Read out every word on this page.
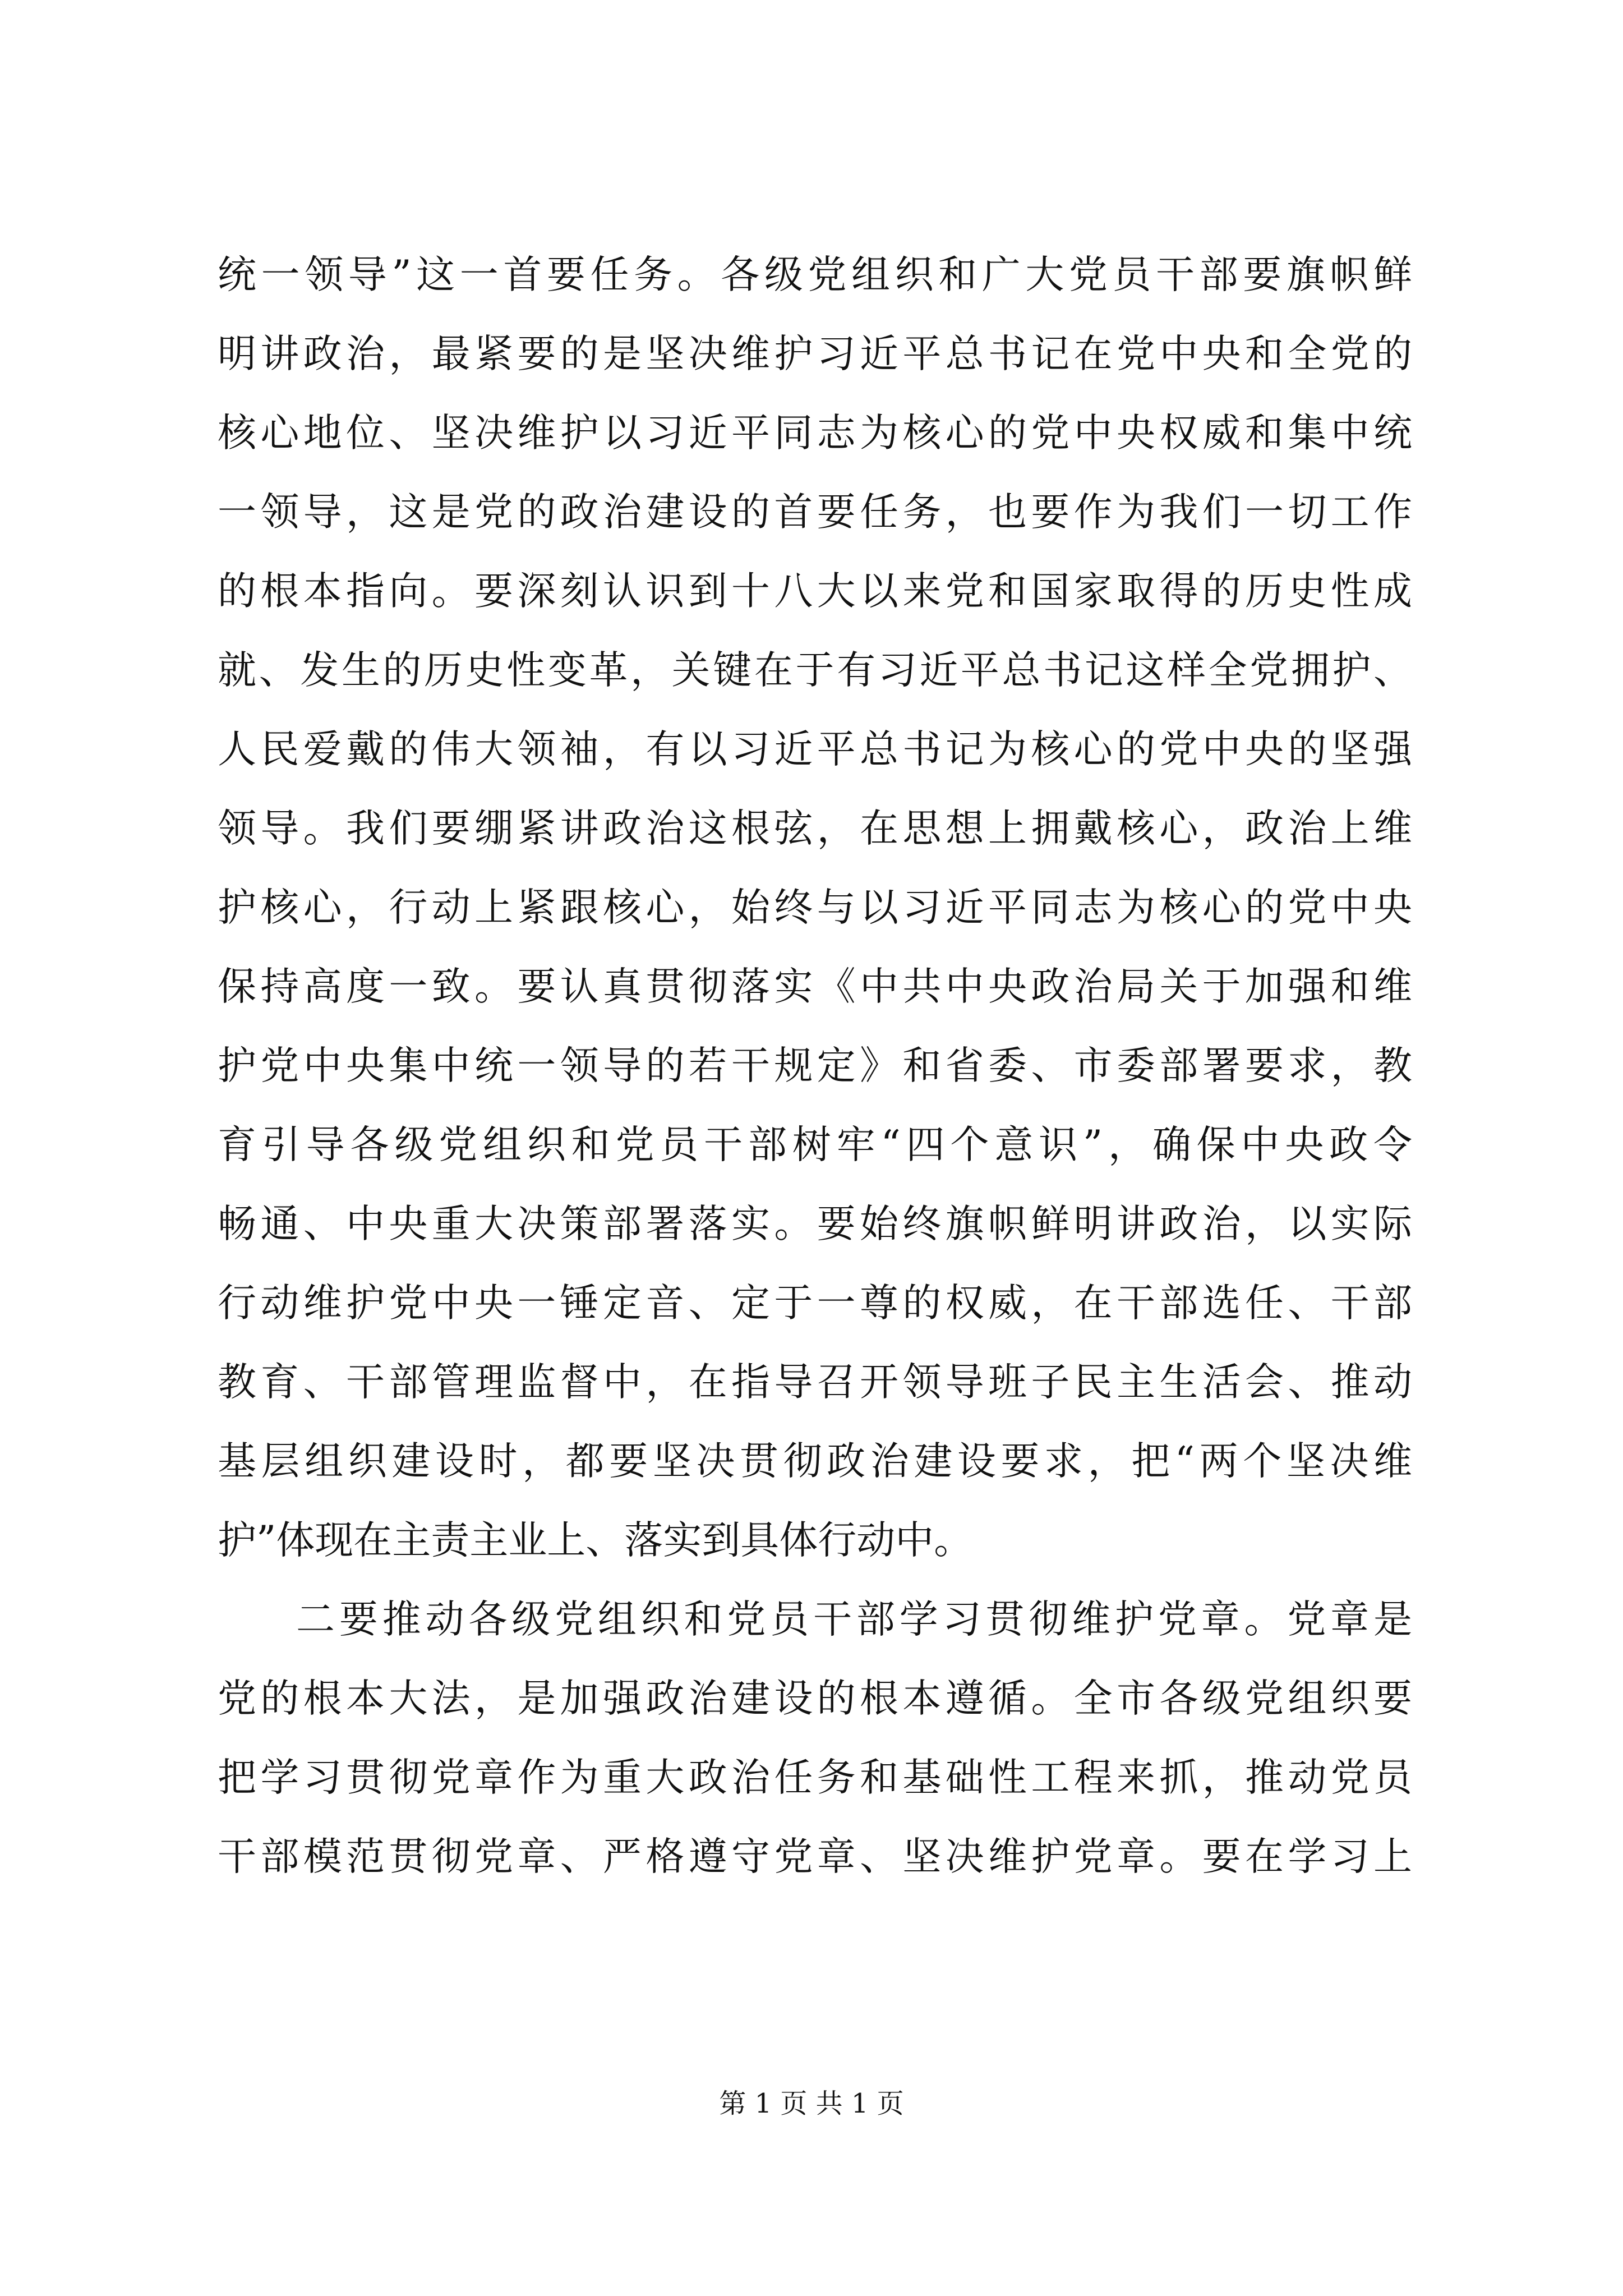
统一领导”这一首要任务。各级党组织和广大党员干部要旗帜鲜
明讲政治，最紧要的是坚决维护习近平总书记在党中央和全党的
核心地位、坚决维护以习近平同志为核心的党中央权威和集中统
一领导，这是党的政治建设的首要任务，也要作为我们一切工作
的根本指向。要深刻认识到十八大以来党和国家取得的历史性成
就、发生的历史性变革，关键在于有习近平总书记这样全党拥护、
人民爱戴的伟大领袖，有以习近平总书记为核心的党中央的坚强
领导。我们要绷紧讲政治这根弦，在思想上拥戴核心，政治上维
护核心，行动上紧跟核心，始终与以习近平同志为核心的党中央
保持高度一致。要认真贯彻落实《中共中央政治局关于加强和维
护党中央集中统一领导的若干规定》和省委、市委部署要求，教
育引导各级党组织和党员干部树牢“四个意识”，确保中央政令
畅通、中央重大决策部署落实。要始终旗帜鲜明讲政治，以实际
行动维护党中央一锤定音、定于一尊的权威，在干部选任、干部
教育、干部管理监督中，在指导召开领导班子民主生活会、推动
基层组织建设时，都要坚决贯彻政治建设要求，把“两个坚决维
护”体现在主责主业上、落实到具体行动中。
二要推动各级党组织和党员干部学习贯彻维护党章。党章是
党的根本大法，是加强政治建设的根本遵循。全市各级党组织要
把学习贯彻党章作为重大政治任务和基础性工程来抓，推动党员
干部模范贯彻党章、严格遵守党章、坚决维护党章。要在学习上
第 1 页 共 1 页
